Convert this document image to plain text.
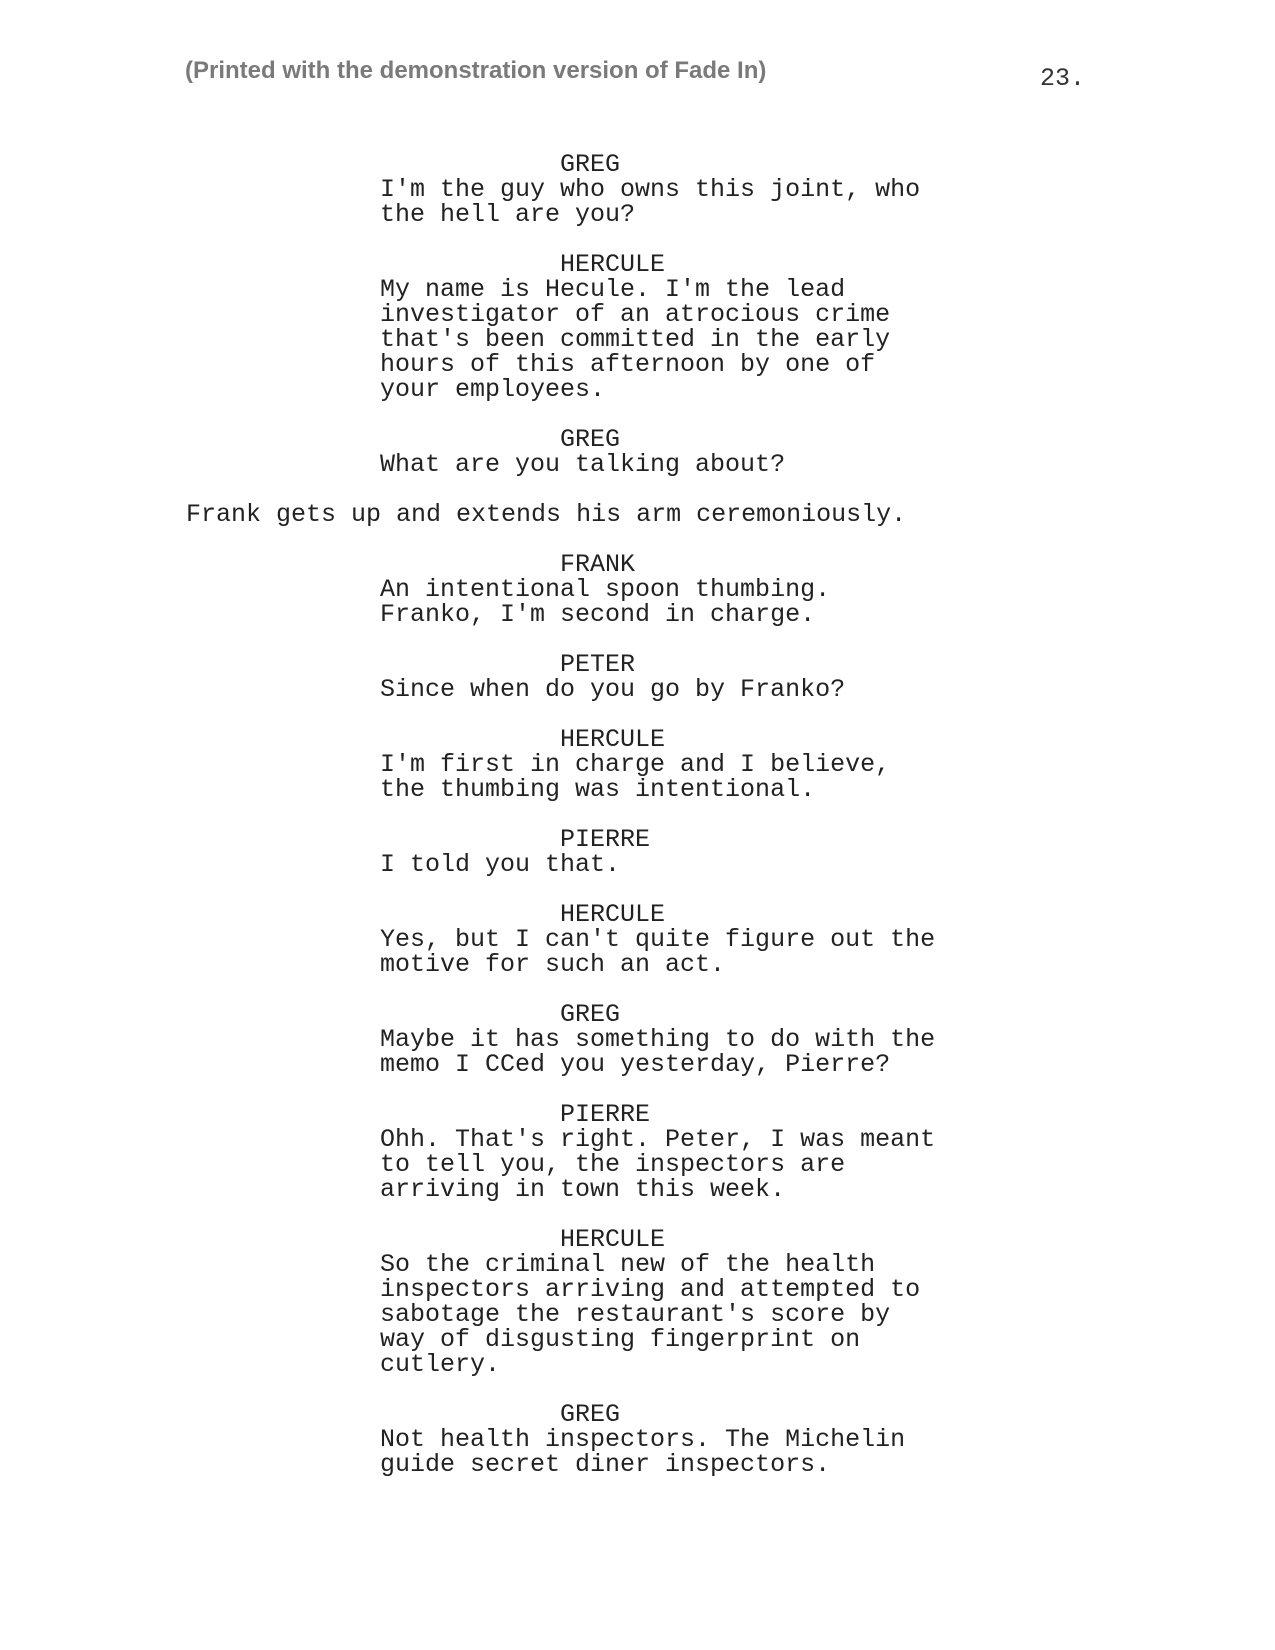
(Printed with the demonstration version of Fade In)	23.
GREG
I'm the guy who owns this joint, who
the hell are you?
HERCULE
My name is Hecule. I'm the lead
investigator of an atrocious crime
that's been committed in the early
hours of this afternoon by one of
your employees.
GREG
What are you talking about?
Frank gets up and extends his arm ceremoniously.
FRANK
An intentional spoon thumbing.
Franko, I'm second in charge.
PETER
Since when do you go by Franko?
HERCULE
I'm first in charge and I believe,
the thumbing was intentional.
PIERRE
I told you that.
HERCULE
Yes, but I can't quite figure out the
motive for such an act.
GREG
Maybe it has something to do with the
memo I CCed you yesterday, Pierre?
PIERRE
Ohh. That's right. Peter, I was meant
to tell you, the inspectors are
arriving in town this week.
HERCULE
So the criminal new of the health
inspectors arriving and attempted to
sabotage the restaurant's score by
way of disgusting fingerprint on
cutlery.
GREG
Not health inspectors. The Michelin
guide secret diner inspectors.
